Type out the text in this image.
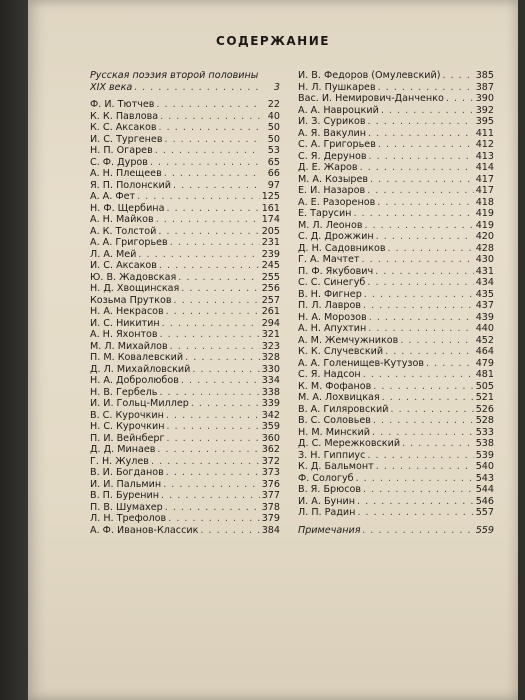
СОДЕРЖАНИЕ
Русская поэзия второй половины
XIX века . . .	3
Ф. И. Тютчев . . .	22
К. К. Павлова . . .	40
К. С. Аксаков . . .	50
И. С. Тургенев . . .	50
Н. П. Огарев . . .	53
С. Ф. Дуров . . .	65
А. Н. Плещеев . . .	66
Я. П. Полонский . . .	97
А. А. Фет . . .	125
Н. Ф. Щербина . . .	161
А. Н. Майков . . .	174
А. К. Толстой . . .	205
А. А. Григорьев . . .	231
Л. А. Мей . . .	239
И. С. Аксаков . . .	245
Ю. В. Жадовская . . .	255
Н. Д. Хвощинская . . .	256
Козьма Прутков . . .	257
Н. А. Некрасов . . .	261
И. С. Никитин . . .	294
А. Н. Яхонтов . . .	321
М. Л. Михайлов . . .	323
П. М. Ковалевский . . .	328
Д. Л. Михайловский . . .	330
Н. А. Добролюбов . . .	334
Н. В. Гербель . . .	338
И. И. Гольц-Миллер . . .	339
В. С. Курочкин . . .	342
Н. С. Курочкин . . .	359
П. И. Вейнберг . . .	360
Д. Д. Минаев . . .	362
Г. Н. Жулев . . .	372
В. И. Богданов . . .	373
И. И. Пальмин . . .	376
В. П. Буренин . . .	377
П. В. Шумахер . . .	378
Л. Н. Трефолов . . .	379
А. Ф. Иванов-Классик . . .	384
И. В. Федоров (Омулевский) . . .	385
Н. Л. Пушкарев . . .	387
Вас. И. Немирович-Данченко . . .	390
А. А. Навроцкий . . .	392
И. З. Суриков . . .	395
А. Я. Вакулин . . .	411
С. А. Григорьев . . .	412
С. Я. Дерунов . . .	413
Д. Е. Жаров . . .	414
М. А. Козырев . . .	417
Е. И. Назаров . . .	417
А. Е. Разоренов . . .	418
Е. Тарусин . . .	419
М. Л. Леонов . . .	419
С. Д. Дрожжин . . .	420
Д. Н. Садовников . . .	428
Г. А. Мачтет . . .	430
П. Ф. Якубович . . .	431
С. С. Синегуб . . .	434
В. Н. Фигнер . . .	435
П. Л. Лавров . . .	437
Н. А. Морозов . . .	439
А. Н. Апухтин . . .	440
А. М. Жемчужников . . .	452
К. К. Случевский . . .	464
А. А. Голенищев-Кутузов . . .	479
С. Я. Надсон . . .	481
К. М. Фофанов . . .	505
М. А. Лохвицкая . . .	521
В. А. Гиляровский . . .	526
В. С. Соловьев . . .	528
Н. М. Минский . . .	533
Д. С. Мережковский . . .	538
З. Н. Гиппиус . . .	539
К. Д. Бальмонт . . .	540
Ф. Сологуб . . .	543
В. Я. Брюсов . . .	544
И. А. Бунин . . .	546
Л. П. Радин . . .	557
Примечания . . .	559
